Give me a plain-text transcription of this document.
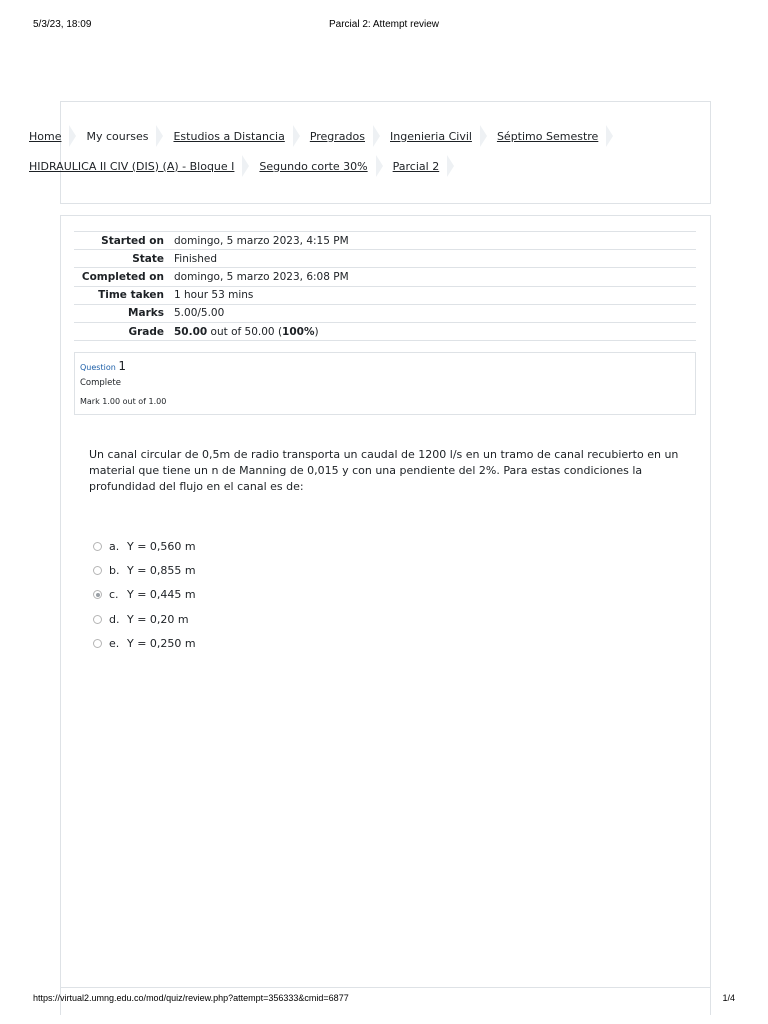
5/3/23, 18:09	Parcial 2: Attempt review
Home My courses Estudios a Distancia Pregrados Ingenieria Civil Séptimo Semestre
HIDRAULICA II CIV (DIS) (A) - Bloque I Segundo corte 30% Parcial 2
Started on	domingo, 5 marzo 2023, 4:15 PM
State	Finished
Completed on	domingo, 5 marzo 2023, 6:08 PM
Time taken	1 hour 53 mins
Marks	5.00/5.00
Grade	50.00 out of 50.00 (100%)
Question 1
Complete
Mark 1.00 out of 1.00
Un canal circular de 0,5m de radio transporta un caudal de 1200 l/s en un tramo de canal recubierto en un material que tiene un n de Manning de 0,015 y con una pendiente del 2%. Para estas condiciones la profundidad del flujo en el canal es de:
a. Y = 0,560 m
b. Y = 0,855 m
c. Y = 0,445 m
d. Y = 0,20 m
e. Y = 0,250 m
https://virtual2.umng.edu.co/mod/quiz/review.php?attempt=356333&cmid=6877	1/4
